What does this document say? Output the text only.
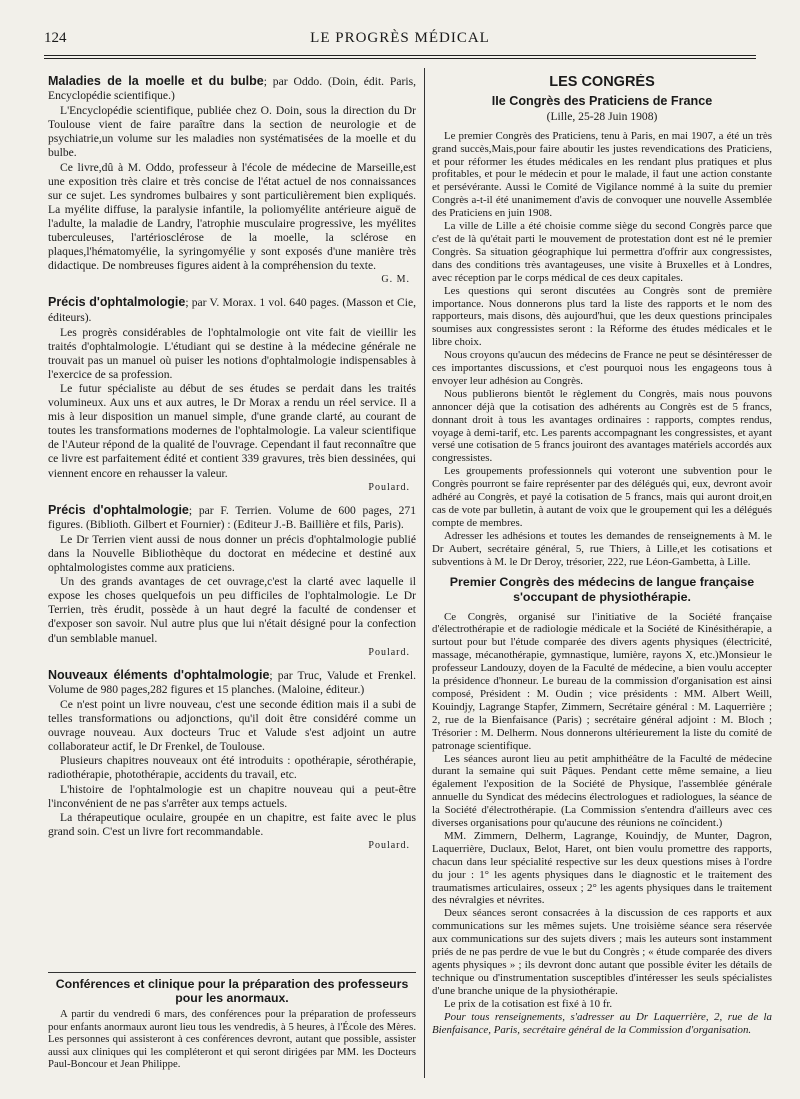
124	LE PROGRÈS MÉDICAL

Maladies de la moelle et du bulbe; par Oddo. (Doin, édit. Paris, Encyclopédie scientifique.)

L'Encyclopédie scientifique, publiée chez O. Doin, sous la direction du Dr Toulouse vient de faire paraître dans la section de neurologie et de psychiatrie,un volume sur les maladies non systématisées de la moelle et du bulbe.

Ce livre,dû à M. Oddo, professeur à l'école de médecine de Marseille,est une exposition très claire et très concise de l'état actuel de nos connaissances sur ce sujet. Les syndromes bulbaires y sont particulièrement bien expliqués. La myélite diffuse, la paralysie infantile, la poliomyélite antérieure aiguë de l'adulte, la maladie de Landry, l'atrophie musculaire progressive, les myélites tuberculeuses, l'artériosclérose de la moelle, la sclérose en plaques,l'hématomyélie, la syringomyélie y sont exposés d'une manière très didactique. De nombreuses figures aident à la compréhension du texte.

G. M.

Précis d'ophtalmologie; par V. Morax. 1 vol. 640 pages. (Masson et Cie, éditeurs).

Les progrès considérables de l'ophtalmologie ont vite fait de vieillir les traités d'ophtalmologie. L'étudiant qui se destine à la médecine générale ne trouvait pas un manuel où puiser les notions d'ophtalmologie indispensables à l'exercice de sa profession.

Le futur spécialiste au début de ses études se perdait dans les traités volumineux. Aux uns et aux autres, le Dr Morax a rendu un réel service. Il a mis à leur disposition un manuel simple, d'une grande clarté, au courant de toutes les transformations modernes de l'ophtalmologie. La valeur scientifique de l'Auteur répond de la qualité de l'ouvrage. Cependant il faut reconnaître que ce livre est parfaitement édité et contient 339 gravures, très bien dessinées, qui viennent encore en rehausser la valeur.

Poulard.

Précis d'ophtalmologie; par F. Terrien. Volume de 600 pages, 271 figures. (Biblioth. Gilbert et Fournier) : (Editeur J.-B. Baillière et fils, Paris).

Le Dr Terrien vient aussi de nous donner un précis d'ophtalmologie publié dans la Nouvelle Bibliothèque du doctorat en médecine et destiné aux ophtalmologistes comme aux praticiens.

Un des grands avantages de cet ouvrage,c'est la clarté avec laquelle il expose les choses quelquefois un peu difficiles de l'ophtalmologie. Le Dr Terrien, très érudit, possède à un haut degré la faculté de condenser et d'exposer son savoir. Nul autre plus que lui n'était désigné pour la confection d'un semblable manuel.

Poulard.

Nouveaux éléments d'ophtalmologie; par Truc, Valude et Frenkel. Volume de 980 pages,282 figures et 15 planches. (Maloine, éditeur.)

Ce n'est point un livre nouveau, c'est une seconde édition mais il a subi de telles transformations ou adjonctions, qu'il doit être considéré comme un ouvrage nouveau. Aux docteurs Truc et Valude s'est adjoint un autre collaborateur actif, le Dr Frenkel, de Toulouse.

Plusieurs chapitres nouveaux ont été introduits : opothérapie, sérothérapie, radiothérapie, photothérapie, accidents du travail, etc.

L'histoire de l'ophtalmologie est un chapitre nouveau qui a peut-être l'inconvénient de ne pas s'arrêter aux temps actuels.

La thérapeutique oculaire, groupée en un chapitre, est faite avec le plus grand soin. C'est un livre fort recommandable.

Poulard.
Conférences et clinique pour la préparation des professeurs pour les anormaux.

A partir du vendredi 6 mars, des conférences pour la préparation de professeurs pour enfants anormaux auront lieu tous les vendredis, à 5 heures, à l'École des Mères. Les personnes qui assisteront à ces conférences devront, autant que possible, assister aussi aux cliniques qui les compléteront et qui seront dirigées par MM. les Docteurs Paul-Boncour et Jean Philippe.

LES CONGRÈS
IIe Congrès des Praticiens de France
(Lille, 25-28 Juin 1908)

Le premier Congrès des Praticiens, tenu à Paris, en mai 1907, a été un très grand succès,Mais,pour faire aboutir les justes revendications des Praticiens, et pour réformer les études médicales en les rendant plus pratiques et plus profitables, et pour le médecin et pour le malade, il faut une action constante et persévérante. Aussi le Comité de Vigilance nommé à la suite du premier Congrès a-t-il été unanimement d'avis de convoquer une nouvelle Assemblée des Praticiens en juin 1908.

La ville de Lille a été choisie comme siège du second Congrès parce que c'est de là qu'était parti le mouvement de protestation dont est né le premier Congrès. Sa situation géographique lui permettra d'offrir aux congressistes, dans des conditions très avantageuses, une visite à Bruxelles et à Londres, avec réception par le corps médical de ces deux capitales.

Les questions qui seront discutées au Congrès sont de première importance. Nous donnerons plus tard la liste des rapports et le nom des rapporteurs, mais disons, dès aujourd'hui, que les deux questions principales soumises aux congressistes seront : la Réforme des études médicales et le libre choix.

Nous croyons qu'aucun des médecins de France ne peut se désintéresser de ces importantes discussions, et c'est pourquoi nous les engageons tous à envoyer leur adhésion au Congrès.

Nous publierons bientôt le règlement du Congrès, mais nous pouvons annoncer déjà que la cotisation des adhérents au Congrès est de 5 francs, donnant droit à tous les avantages ordinaires : rapports, comptes rendus, voyage à demi-tarif, etc. Les parents accompagnant les congressistes, et ayant versé une cotisation de 5 francs jouiront des avantages matériels accordés aux congressistes.

Les groupements professionnels qui voteront une subvention pour le Congrès pourront se faire représenter par des délégués qui, eux, devront avoir adhéré au Congrès, et payé la cotisation de 5 francs, mais qui auront droit,en cas de vote par bulletin, à autant de voix que le groupement qui les a délégués compte de membres.

Adresser les adhésions et toutes les demandes de renseignements à M. le Dr Aubert, secrétaire général, 5, rue Thiers, à Lille,et les cotisations et subventions à M. le Dr Deroy, trésorier, 222, rue Léon-Gambetta, à Lille.

Premier Congrès des médecins de langue française s'occupant de physiothérapie.

Ce Congrès, organisé sur l'initiative de la Société française d'électrothérapie et de radiologie médicale et la Société de Kinésithérapie, a surtout pour but l'étude comparée des divers agents physiques (électricité, massage, mécanothérapie, gymnastique, lumière, rayons X, etc.)Monsieur le professeur Landouzy, doyen de la Faculté de médecine, a bien voulu accepter la présidence d'honneur. Le bureau de la commission d'organisation est ainsi composé, Président : M. Oudin ; vice présidents : MM. Albert Weill, Kouindjy, Lagrange Stapfer, Zimmern, Secrétaire général : M. Laquerrière ; 2, rue de la Bienfaisance (Paris) ; secrétaire général adjoint : M. Bloch ; Trésorier : M. Delherm. Nous donnerons ultérieurement la liste du comité de patronage scientifique.

Les séances auront lieu au petit amphithéâtre de la Faculté de médecine durant la semaine qui suit Pâques. Pendant cette même semaine, a lieu également l'exposition de la Société de Physique, l'assemblée générale annuelle du Syndicat des médecins électrologues et radiologues, la séance de la Société d'électrothérapie. (La Commission s'entendra d'ailleurs avec ces diverses organisations pour qu'aucune des réunions ne coïncident.)

MM. Zimmern, Delherm, Lagrange, Kouindjy, de Munter, Dagron, Laquerrière, Duclaux, Belot, Haret, ont bien voulu promettre des rapports, chacun dans leur spécialité respective sur les deux questions mises à l'ordre du jour : 1° les agents physiques dans le diagnostic et le traitement des traumatismes articulaires, osseux ; 2° les agents physiques dans le traitement des névralgies et névrites.

Deux séances seront consacrées à la discussion de ces rapports et aux communications sur les mêmes sujets. Une troisième séance sera réservée aux communications sur des sujets divers ; mais les auteurs sont instamment priés de ne pas perdre de vue le but du Congrès ; « étude comparée des divers agents physiques » ; ils devront donc autant que possible éviter les détails de technique ou d'instrumentation susceptibles d'intéresser les seuls spécialistes d'une branche unique de la physiothérapie.

Le prix de la cotisation est fixé à 10 fr.

Pour tous renseignements, s'adresser au Dr Laquerrière, 2, rue de la Bienfaisance, Paris, secrétaire général de la Commission d'organisation.
